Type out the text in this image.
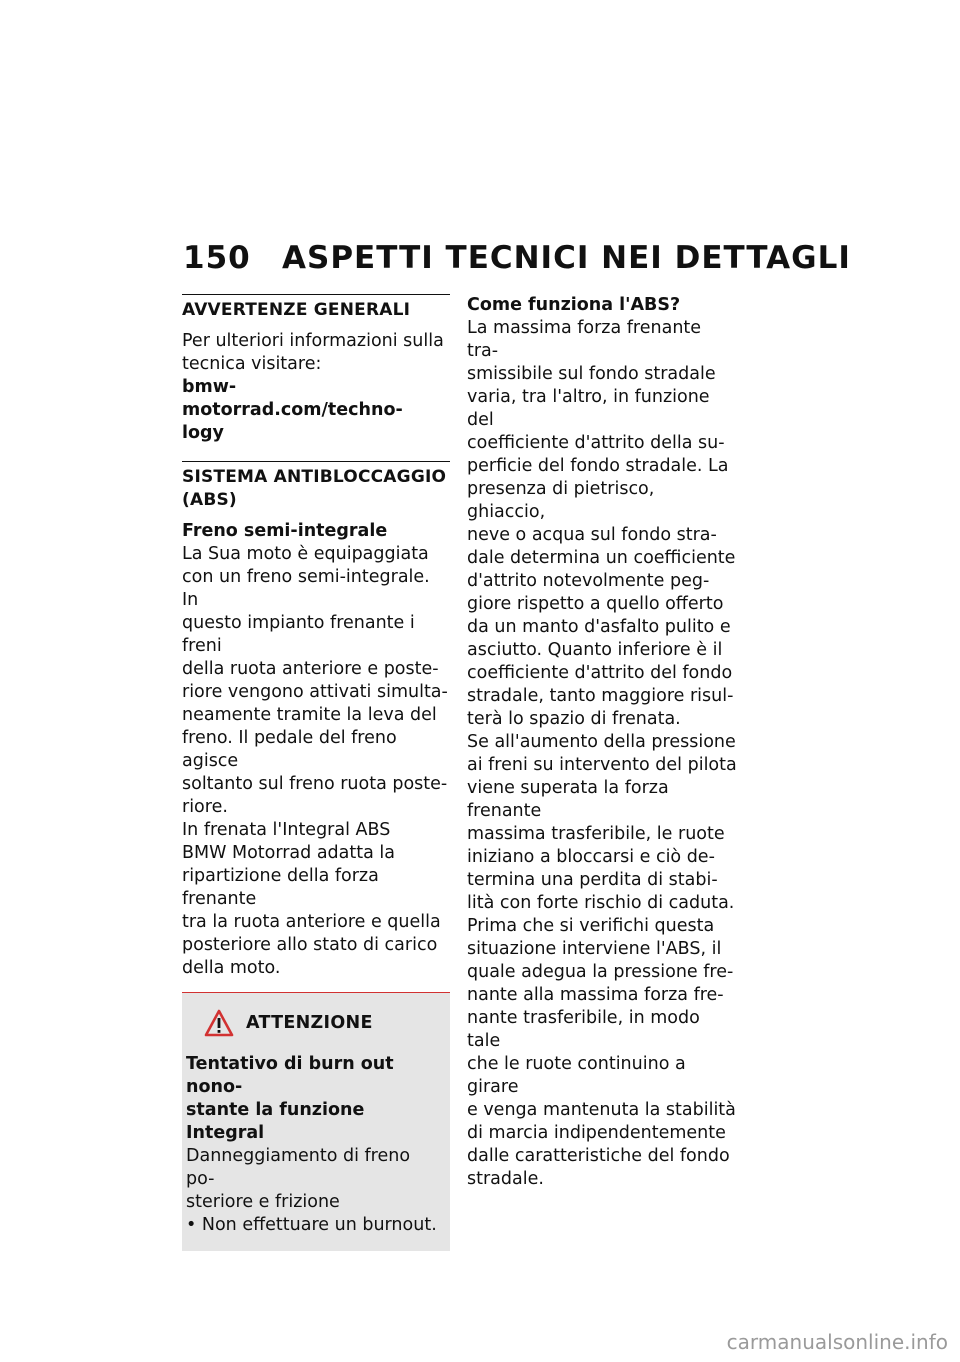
150 ASPETTI TECNICI NEI DETTAGLI
AVVERTENZE GENERALI
Per ulteriori informazioni sulla
tecnica visitare:
bmw-motorrad.com/techno-
logy
SISTEMA ANTIBLOCCAGGIO
(ABS)
Freno semi-integrale
La Sua moto è equipaggiata
con un freno semi-integrale. In
questo impianto frenante i freni
della ruota anteriore e poste-
riore vengono attivati simulta-
neamente tramite la leva del
freno. Il pedale del freno agisce
soltanto sul freno ruota poste-
riore.
In frenata l'Integral ABS
BMW Motorrad adatta la
ripartizione della forza frenante
tra la ruota anteriore e quella
posteriore allo stato di carico
della moto.
ATTENZIONE
Tentativo di burn out nono-
stante la funzione Integral
Danneggiamento di freno po-
steriore e frizione
• Non effettuare un burnout.
Come funziona l'ABS?
La massima forza frenante tra-
smissibile sul fondo stradale
varia, tra l'altro, in funzione del
coefficiente d'attrito della su-
perficie del fondo stradale. La
presenza di pietrisco, ghiaccio,
neve o acqua sul fondo stra-
dale determina un coefficiente
d'attrito notevolmente peg-
giore rispetto a quello offerto
da un manto d'asfalto pulito e
asciutto. Quanto inferiore è il
coefficiente d'attrito del fondo
stradale, tanto maggiore risul-
terà lo spazio di frenata.
Se all'aumento della pressione
ai freni su intervento del pilota
viene superata la forza frenante
massima trasferibile, le ruote
iniziano a bloccarsi e ciò de-
termina una perdita di stabi-
lità con forte rischio di caduta.
Prima che si verifichi questa
situazione interviene l'ABS, il
quale adegua la pressione fre-
nante alla massima forza fre-
nante trasferibile, in modo tale
che le ruote continuino a girare
e venga mantenuta la stabilità
di marcia indipendentemente
dalle caratteristiche del fondo
stradale.
carmanualsonline.info
